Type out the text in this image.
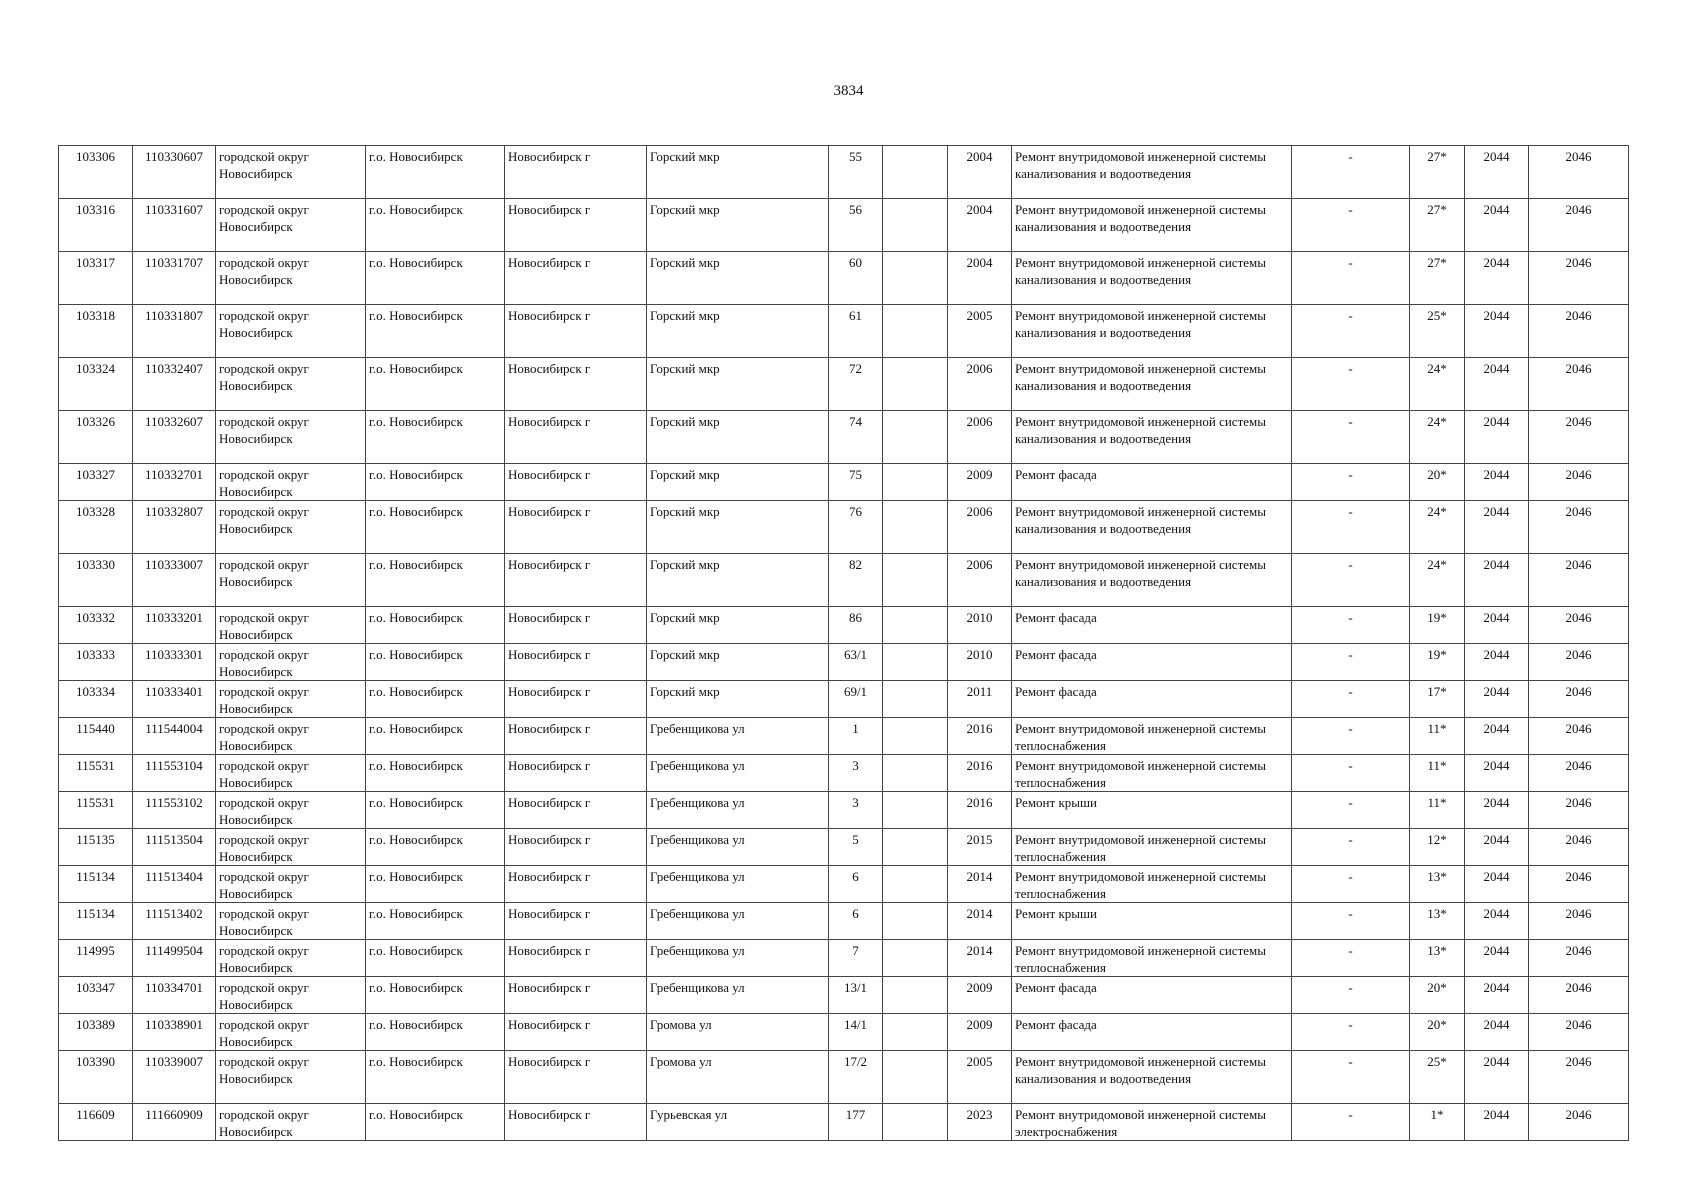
3834
103306	110330607	городской округ Новосибирск	г.о. Новосибирск	Новосибирск г	Горский мкр	55		2004	Ремонт внутридомовой инженерной системы канализования и водоотведения	-	27*	2044	2046
103316	110331607	городской округ Новосибирск	г.о. Новосибирск	Новосибирск г	Горский мкр	56		2004	Ремонт внутридомовой инженерной системы канализования и водоотведения	-	27*	2044	2046
103317	110331707	городской округ Новосибирск	г.о. Новосибирск	Новосибирск г	Горский мкр	60		2004	Ремонт внутридомовой инженерной системы канализования и водоотведения	-	27*	2044	2046
103318	110331807	городской округ Новосибирск	г.о. Новосибирск	Новосибирск г	Горский мкр	61		2005	Ремонт внутридомовой инженерной системы канализования и водоотведения	-	25*	2044	2046
103324	110332407	городской округ Новосибирск	г.о. Новосибирск	Новосибирск г	Горский мкр	72		2006	Ремонт внутридомовой инженерной системы канализования и водоотведения	-	24*	2044	2046
103326	110332607	городской округ Новосибирск	г.о. Новосибирск	Новосибирск г	Горский мкр	74		2006	Ремонт внутридомовой инженерной системы канализования и водоотведения	-	24*	2044	2046
103327	110332701	городской округ Новосибирск	г.о. Новосибирск	Новосибирск г	Горский мкр	75		2009	Ремонт фасада	-	20*	2044	2046
103328	110332807	городской округ Новосибирск	г.о. Новосибирск	Новосибирск г	Горский мкр	76		2006	Ремонт внутридомовой инженерной системы канализования и водоотведения	-	24*	2044	2046
103330	110333007	городской округ Новосибирск	г.о. Новосибирск	Новосибирск г	Горский мкр	82		2006	Ремонт внутридомовой инженерной системы канализования и водоотведения	-	24*	2044	2046
103332	110333201	городской округ Новосибирск	г.о. Новосибирск	Новосибирск г	Горский мкр	86		2010	Ремонт фасада	-	19*	2044	2046
103333	110333301	городской округ Новосибирск	г.о. Новосибирск	Новосибирск г	Горский мкр	63/1		2010	Ремонт фасада	-	19*	2044	2046
103334	110333401	городской округ Новосибирск	г.о. Новосибирск	Новосибирск г	Горский мкр	69/1		2011	Ремонт фасада	-	17*	2044	2046
115440	111544004	городской округ Новосибирск	г.о. Новосибирск	Новосибирск г	Гребенщикова ул	1		2016	Ремонт внутридомовой инженерной системы теплоснабжения	-	11*	2044	2046
115531	111553104	городской округ Новосибирск	г.о. Новосибирск	Новосибирск г	Гребенщикова ул	3		2016	Ремонт внутридомовой инженерной системы теплоснабжения	-	11*	2044	2046
115531	111553102	городской округ Новосибирск	г.о. Новосибирск	Новосибирск г	Гребенщикова ул	3		2016	Ремонт крыши	-	11*	2044	2046
115135	111513504	городской округ Новосибирск	г.о. Новосибирск	Новосибирск г	Гребенщикова ул	5		2015	Ремонт внутридомовой инженерной системы теплоснабжения	-	12*	2044	2046
115134	111513404	городской округ Новосибирск	г.о. Новосибирск	Новосибирск г	Гребенщикова ул	6		2014	Ремонт внутридомовой инженерной системы теплоснабжения	-	13*	2044	2046
115134	111513402	городской округ Новосибирск	г.о. Новосибирск	Новосибирск г	Гребенщикова ул	6		2014	Ремонт крыши	-	13*	2044	2046
114995	111499504	городской округ Новосибирск	г.о. Новосибирск	Новосибирск г	Гребенщикова ул	7		2014	Ремонт внутридомовой инженерной системы теплоснабжения	-	13*	2044	2046
103347	110334701	городской округ Новосибирск	г.о. Новосибирск	Новосибирск г	Гребенщикова ул	13/1		2009	Ремонт фасада	-	20*	2044	2046
103389	110338901	городской округ Новосибирск	г.о. Новосибирск	Новосибирск г	Громова ул	14/1		2009	Ремонт фасада	-	20*	2044	2046
103390	110339007	городской округ Новосибирск	г.о. Новосибирск	Новосибирск г	Громова ул	17/2		2005	Ремонт внутридомовой инженерной системы канализования и водоотведения	-	25*	2044	2046
116609	111660909	городской округ Новосибирск	г.о. Новосибирск	Новосибирск г	Гурьевская ул	177		2023	Ремонт внутридомовой инженерной системы электроснабжения	-	1*	2044	2046
